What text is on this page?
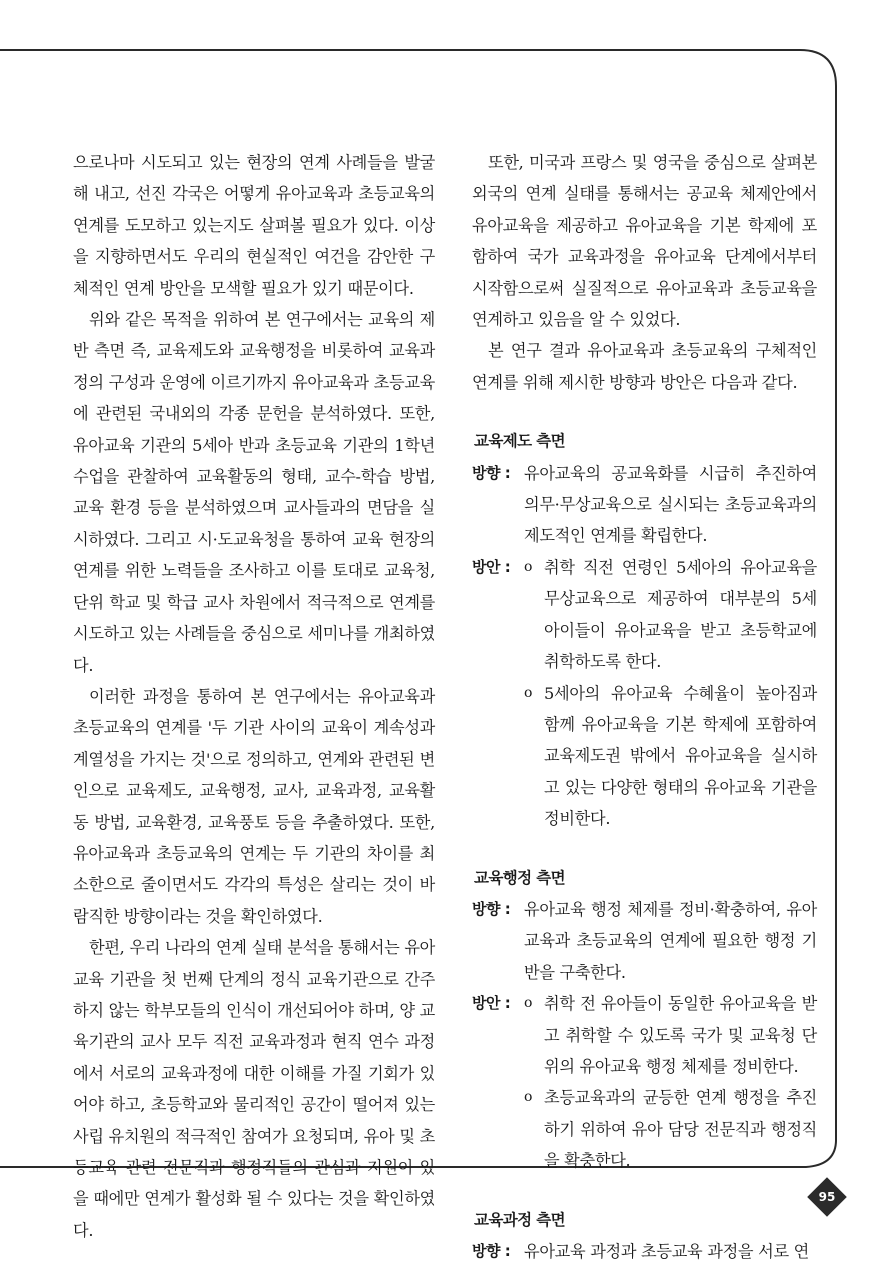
95
으로나마 시도되고 있는 현장의 연계 사례들을 발굴해 내고, 선진 각국은 어떻게 유아교육과 초등교육의 연계를 도모하고 있는지도 살펴볼 필요가 있다. 이상을 지향하면서도 우리의 현실적인 여건을 감안한 구체적인 연계 방안을 모색할 필요가 있기 때문이다.
위와 같은 목적을 위하여 본 연구에서는 교육의 제반 측면 즉, 교육제도와 교육행정을 비롯하여 교육과정의 구성과 운영에 이르기까지 유아교육과 초등교육에 관련된 국내외의 각종 문헌을 분석하였다. 또한, 유아교육 기관의 5세아 반과 초등교육 기관의 1학년 수업을 관찰하여 교육활동의 형태, 교수-학습 방법, 교육 환경 등을 분석하였으며 교사들과의 면담을 실시하였다. 그리고 시·도교육청을 통하여 교육 현장의 연계를 위한 노력들을 조사하고 이를 토대로 교육청, 단위 학교 및 학급 교사 차원에서 적극적으로 연계를 시도하고 있는 사례들을 중심으로 세미나를 개최하였다.
이러한 과정을 통하여 본 연구에서는 유아교육과 초등교육의 연계를 '두 기관 사이의 교육이 계속성과 계열성을 가지는 것'으로 정의하고, 연계와 관련된 변인으로 교육제도, 교육행정, 교사, 교육과정, 교육활동 방법, 교육환경, 교육풍토 등을 추출하였다. 또한, 유아교육과 초등교육의 연계는 두 기관의 차이를 최소한으로 줄이면서도 각각의 특성은 살리는 것이 바람직한 방향이라는 것을 확인하였다.
한편, 우리 나라의 연계 실태 분석을 통해서는 유아교육 기관을 첫 번째 단계의 정식 교육기관으로 간주하지 않는 학부모들의 인식이 개선되어야 하며, 양 교육기관의 교사 모두 직전 교육과정과 현직 연수 과정에서 서로의 교육과정에 대한 이해를 가질 기회가 있어야 하고, 초등학교와 물리적인 공간이 떨어져 있는 사립 유치원의 적극적인 참여가 요청되며, 유아 및 초등교육 관련 전문직과 행정직들의 관심과 지원이 있을 때에만 연계가 활성화 될 수 있다는 것을 확인하였다.
또한, 미국과 프랑스 및 영국을 중심으로 살펴본 외국의 연계 실태를 통해서는 공교육 체제안에서 유아교육을 제공하고 유아교육을 기본 학제에 포함하여 국가 교육과정을 유아교육 단계에서부터 시작함으로써 실질적으로 유아교육과 초등교육을 연계하고 있음을 알 수 있었다.
본 연구 결과 유아교육과 초등교육의 구체적인 연계를 위해 제시한 방향과 방안은 다음과 같다.
교육제도 측면
방향 : 유아교육의 공교육화를 시급히 추진하여 의무·무상교육으로 실시되는 초등교육과의 제도적인 연계를 확립한다.
방안 : o 취학 직전 연령인 5세아의 유아교육을 무상교육으로 제공하여 대부분의 5세 아이들이 유아교육을 받고 초등학교에 취학하도록 한다.
o 5세아의 유아교육 수혜율이 높아짐과 함께 유아교육을 기본 학제에 포함하여 교육제도권 밖에서 유아교육을 실시하고 있는 다양한 형태의 유아교육 기관을 정비한다.
교육행정 측면
방향 : 유아교육 행정 체제를 정비·확충하여, 유아교육과 초등교육의 연계에 필요한 행정 기반을 구축한다.
방안 : o 취학 전 유아들이 동일한 유아교육을 받고 취학할 수 있도록 국가 및 교육청 단위의 유아교육 행정 체제를 정비한다.
o 초등교육과의 균등한 연계 행정을 추진하기 위하여 유아 담당 전문직과 행정직을 확충한다.
교육과정 측면
방향 : 유아교육 과정과 초등교육 과정을 서로 연
